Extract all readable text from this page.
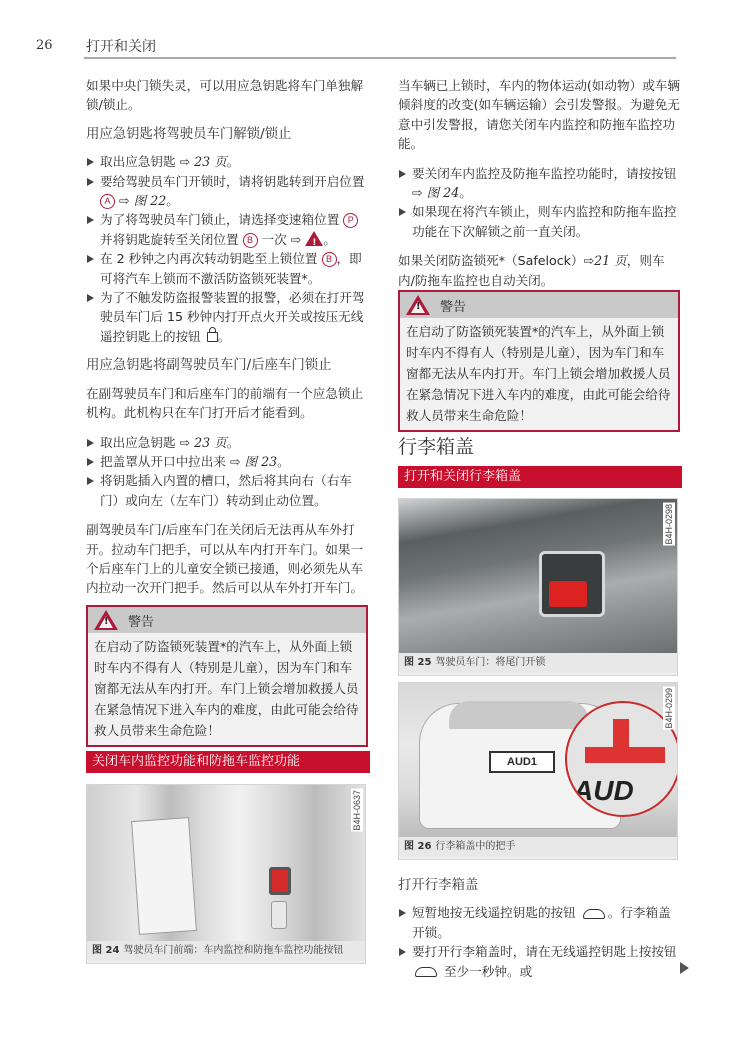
26 打开和关闭

如果中央门锁失灵，可以用应急钥匙将车门单独解锁/锁止。

用应急钥匙将驾驶员车门解锁/锁止

取出应急钥匙 ⇨ 23 页。
要给驾驶员车门开锁时，请将钥匙转到开启位置 A ⇨ 图 22。
为了将驾驶员车门锁止，请选择变速箱位置 P 并将钥匙旋转至关闭位置 B 一次 ⇨ ! 。
在 2 秒钟之内再次转动钥匙至上锁位置 B ，即可将汽车上锁而不激活防盗锁死装置*。
为了不触发防盗报警装置的报警，必须在打开驾驶员车门后 15 秒钟内打开点火开关或按压无线遥控钥匙上的按钮 。

用应急钥匙将副驾驶员车门/后座车门锁止

在副驾驶员车门和后座车门的前端有一个应急锁止机构。此机构只在车门打开后才能看到。

取出应急钥匙 ⇨ 23 页。
把盖罩从开口中拉出来 ⇨ 图 23。
将钥匙插入内置的槽口，然后将其向右（右车门）或向左（左车门）转动到止动位置。

副驾驶员车门/后座车门在关闭后无法再从车外打开。拉动车门把手，可以从车内打开车门。如果一个后座车门上的儿童安全锁已接通，则必须先从车内拉动一次开门把手。然后可以从车外打开车门。

!
警告
在启动了防盗锁死装置*的汽车上，从外面上锁时车内不得有人（特别是儿童），因为车门和车窗都无法从车内打开。车门上锁会增加救援人员在紧急情况下进入车内的难度，由此可能会给待救人员带来生命危险！
关闭车内监控功能和防拖车监控功能
B4H-0637
图 24 驾驶员车门前端：车内监控和防拖车监控功能按钮

当车辆已上锁时，车内的物体运动(如动物）或车辆倾斜度的改变(如车辆运输）会引发警报。为避免无意中引发警报，请您关闭车内监控和防拖车监控功能。

要关闭车内监控及防拖车监控功能时，请按按钮 ⇨ 图 24。
如果现在将汽车锁止，则车内监控和防拖车监控功能在下次解锁之前一直关闭。

如果关闭防盗锁死*（Safelock）⇨21 页，则车内/防拖车监控也自动关闭。

!
警告
在启动了防盗锁死装置*的汽车上，从外面上锁时车内不得有人（特别是儿童），因为车门和车窗都无法从车内打开。车门上锁会增加救援人员在紧急情况下进入车内的难度，由此可能会给待救人员带来生命危险！
行李箱盖
打开和关闭行李箱盖
B4H-0298
图 25 驾驶员车门：将尾门开锁
AUD1
AUD
B4H-0299
图 26 行李箱盖中的把手

打开行李箱盖

短暂地按无线遥控钥匙的按钮 。行李箱盖开锁。
要打开行李箱盖时，请在无线遥控钥匙上按按钮  至少一秒钟。或
